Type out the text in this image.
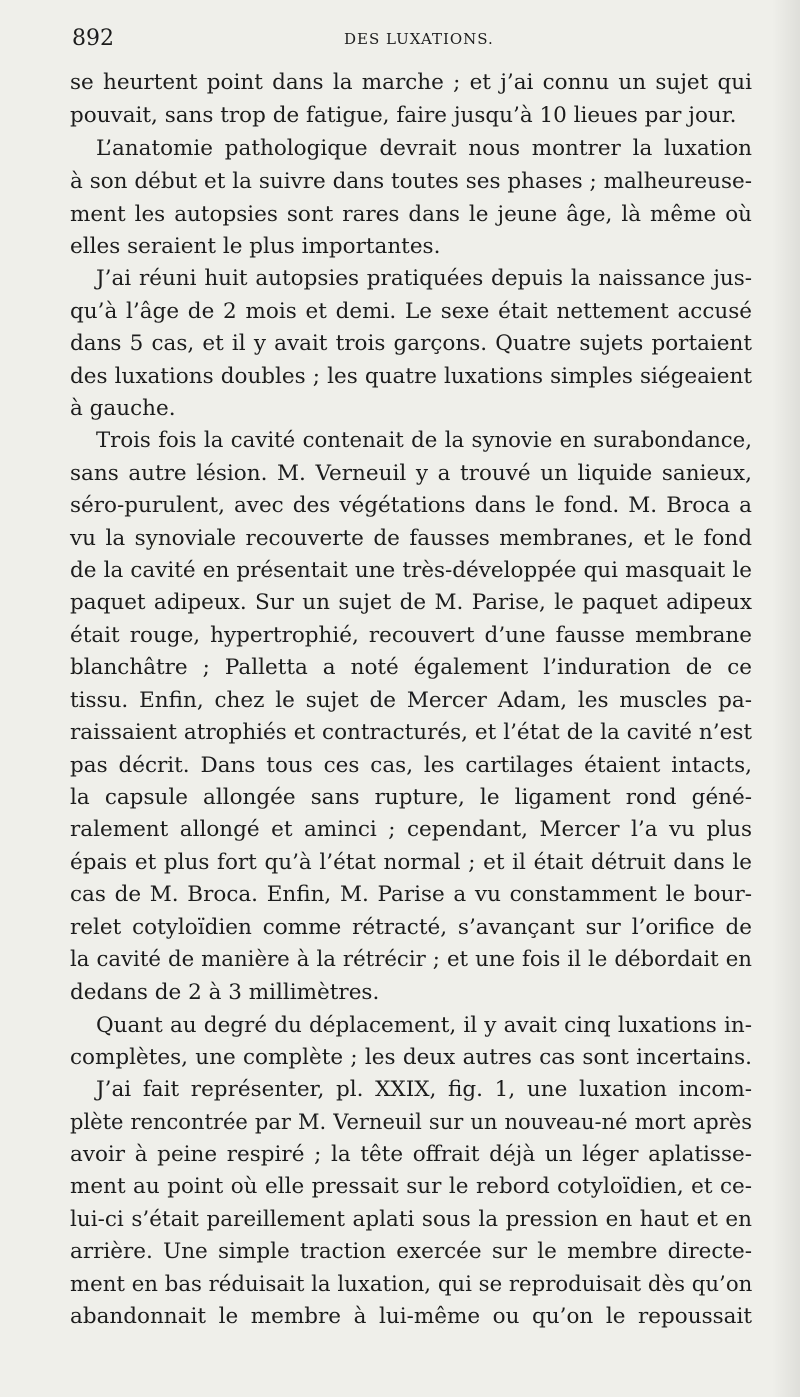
892	DES LUXATIONS.
se heurtent point dans la marche ; et j’ai connu un sujet qui
pouvait, sans trop de fatigue, faire jusqu’à 10 lieues par jour.
L’anatomie pathologique devrait nous montrer la luxation
à son début et la suivre dans toutes ses phases ; malheureuse-
ment les autopsies sont rares dans le jeune âge, là même où
elles seraient le plus importantes.
J’ai réuni huit autopsies pratiquées depuis la naissance jus-
qu’à l’âge de 2 mois et demi. Le sexe était nettement accusé
dans 5 cas, et il y avait trois garçons. Quatre sujets portaient
des luxations doubles ; les quatre luxations simples siégeaient
à gauche.
Trois fois la cavité contenait de la synovie en surabondance,
sans autre lésion. M. Verneuil y a trouvé un liquide sanieux,
séro-purulent, avec des végétations dans le fond. M. Broca a
vu la synoviale recouverte de fausses membranes, et le fond
de la cavité en présentait une très-développée qui masquait le
paquet adipeux. Sur un sujet de M. Parise, le paquet adipeux
était rouge, hypertrophié, recouvert d’une fausse membrane
blanchâtre ; Palletta a noté également l’induration de ce
tissu. Enfin, chez le sujet de Mercer Adam, les muscles pa-
raissaient atrophiés et contracturés, et l’état de la cavité n’est
pas décrit. Dans tous ces cas, les cartilages étaient intacts,
la capsule allongée sans rupture, le ligament rond géné-
ralement allongé et aminci ; cependant, Mercer l’a vu plus
épais et plus fort qu’à l’état normal ; et il était détruit dans le
cas de M. Broca. Enfin, M. Parise a vu constamment le bour-
relet cotyloïdien comme rétracté, s’avançant sur l’orifice de
la cavité de manière à la rétrécir ; et une fois il le débordait en
dedans de 2 à 3 millimètres.
Quant au degré du déplacement, il y avait cinq luxations in-
complètes, une complète ; les deux autres cas sont incertains.
J’ai fait représenter, pl. XXIX, fig. 1, une luxation incom-
plète rencontrée par M. Verneuil sur un nouveau-né mort après
avoir à peine respiré ; la tête offrait déjà un léger aplatisse-
ment au point où elle pressait sur le rebord cotyloïdien, et ce-
lui-ci s’était pareillement aplati sous la pression en haut et en
arrière. Une simple traction exercée sur le membre directe-
ment en bas réduisait la luxation, qui se reproduisait dès qu’on
abandonnait le membre à lui-même ou qu’on le repoussait
